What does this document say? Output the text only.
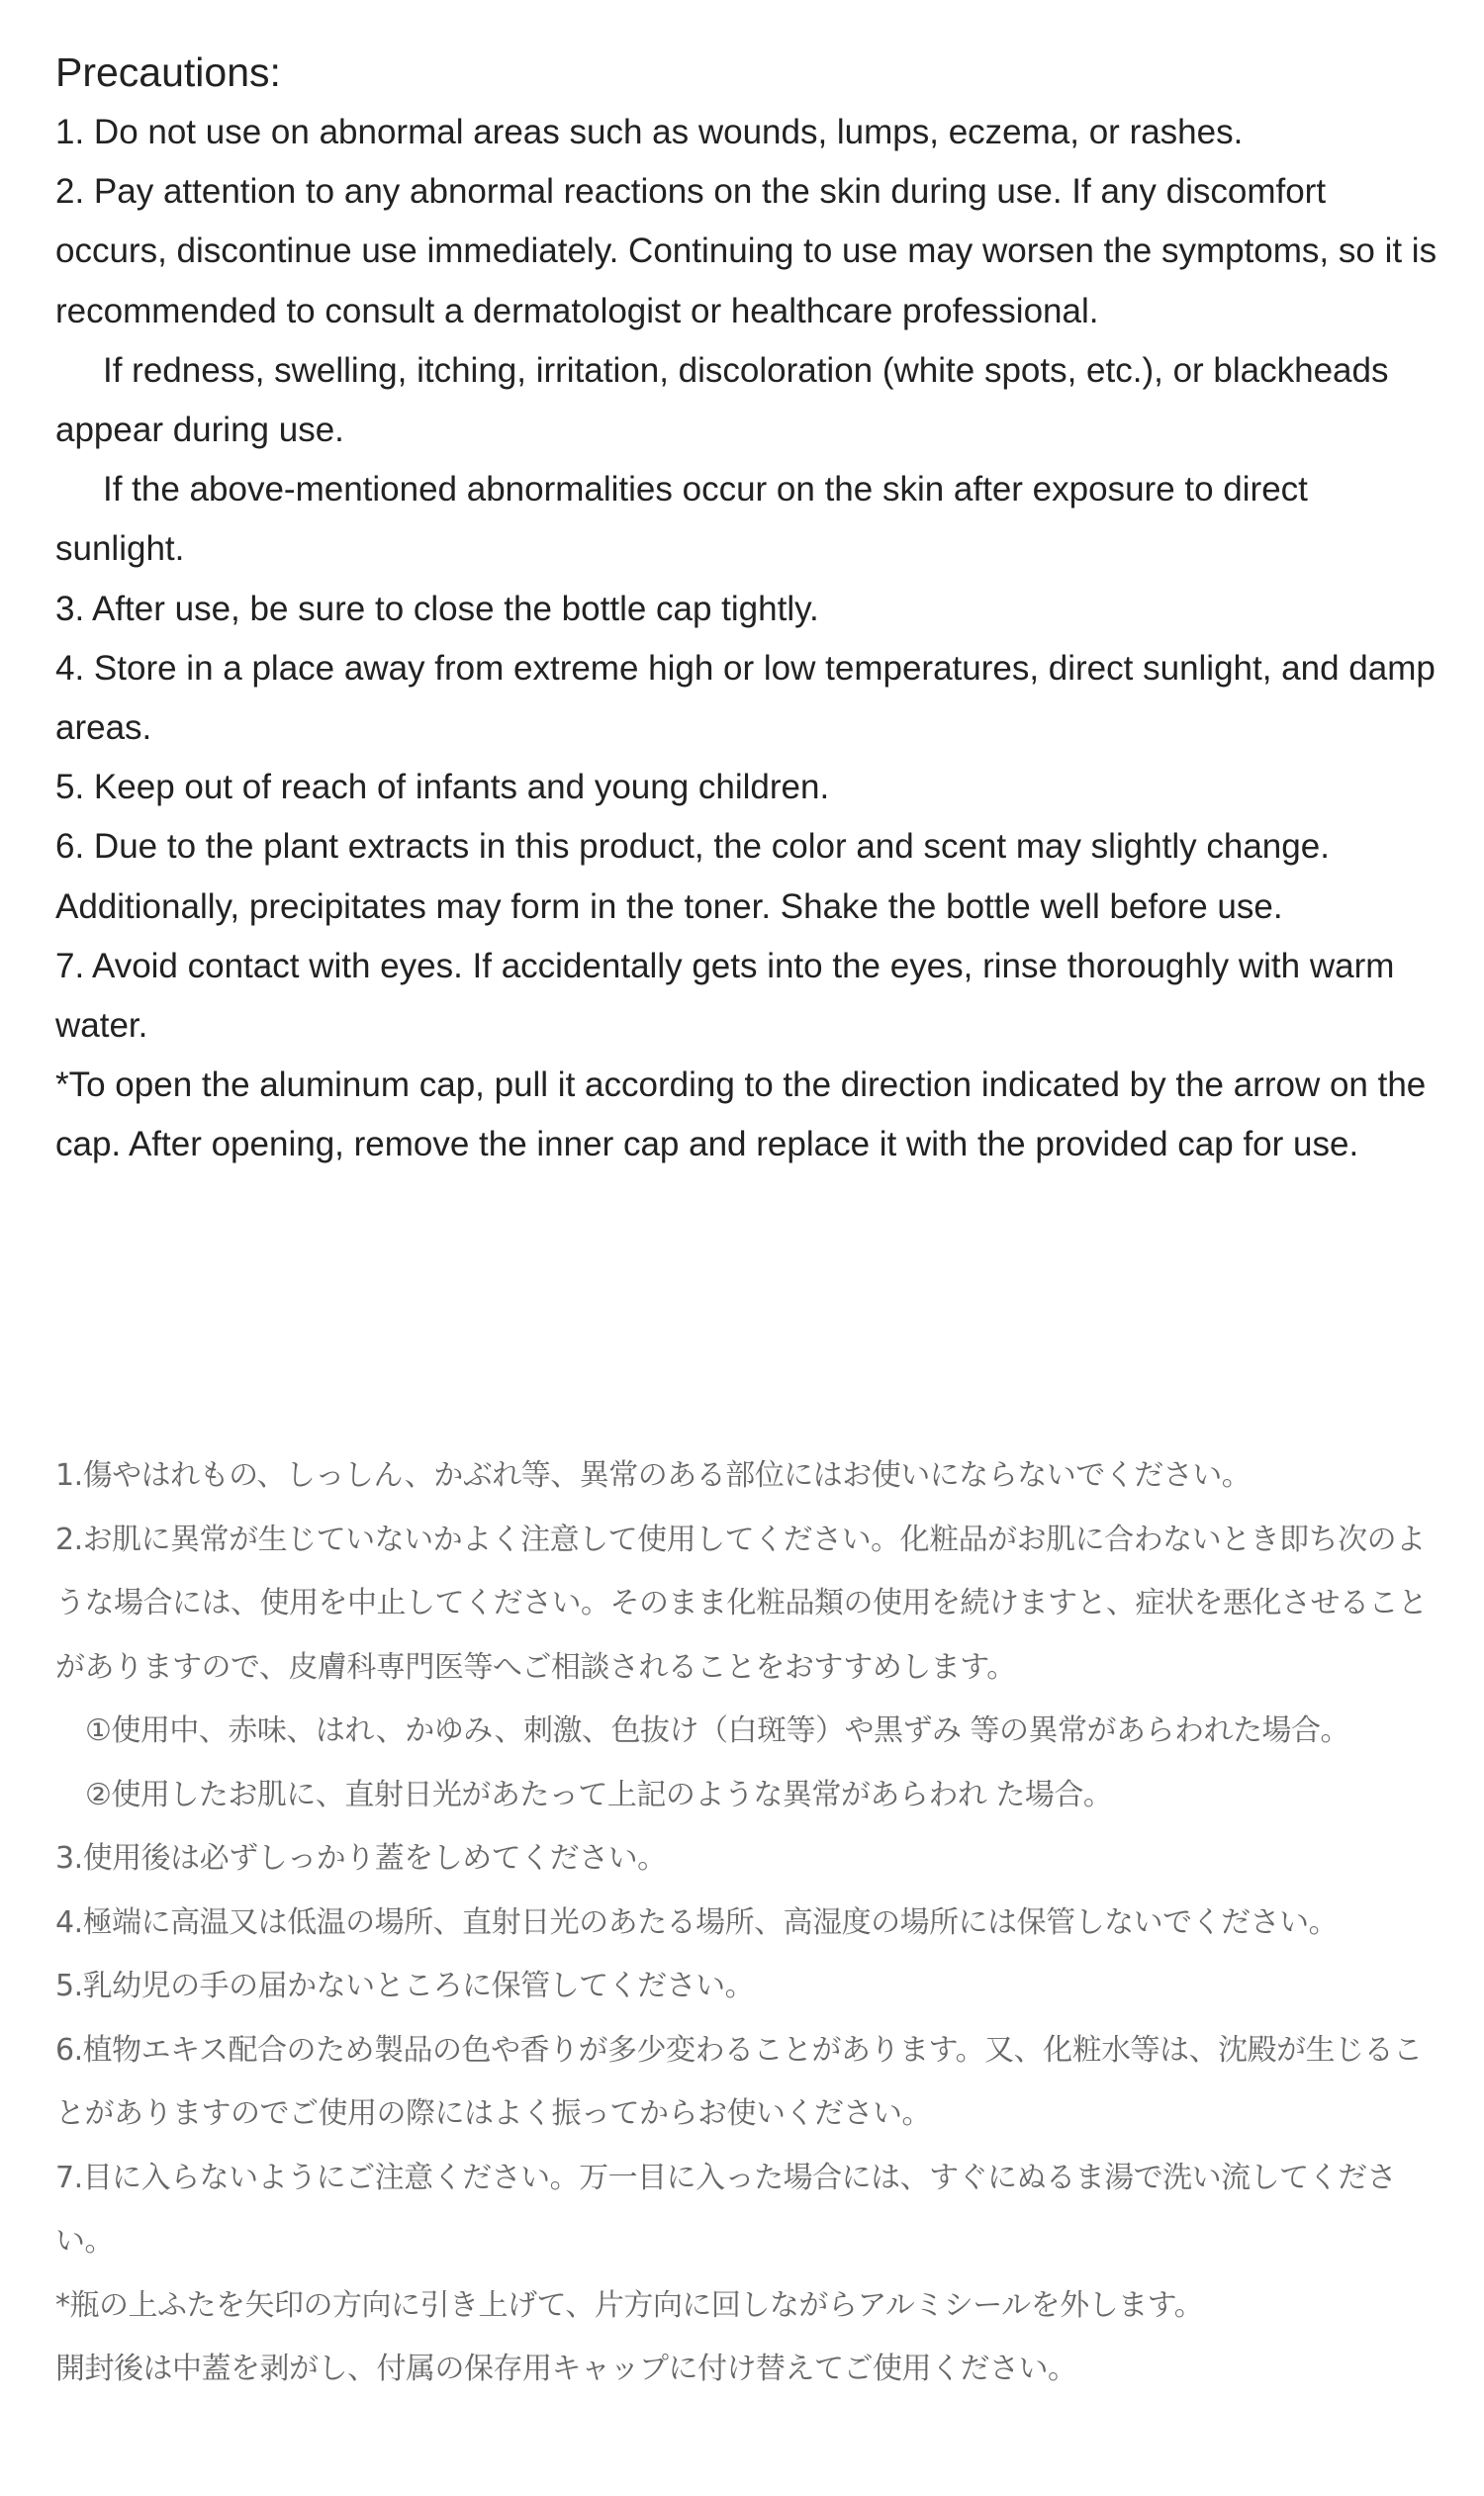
Precautions:
1. Do not use on abnormal areas such as wounds, lumps, eczema, or rashes.
2. Pay attention to any abnormal reactions on the skin during use. If any discomfort occurs, discontinue use immediately. Continuing to use may worsen the symptoms, so it is recommended to consult a dermatologist or healthcare professional.
If redness, swelling, itching, irritation, discoloration (white spots, etc.), or blackheads appear during use.
If the above-mentioned abnormalities occur on the skin after exposure to direct sunlight.
3. After use, be sure to close the bottle cap tightly.
4. Store in a place away from extreme high or low temperatures, direct sunlight, and damp areas.
5. Keep out of reach of infants and young children.
6. Due to the plant extracts in this product, the color and scent may slightly change. Additionally, precipitates may form in the toner. Shake the bottle well before use.
7. Avoid contact with eyes. If accidentally gets into the eyes, rinse thoroughly with warm water.
*To open the aluminum cap, pull it according to the direction indicated by the arrow on the cap. After opening, remove the inner cap and replace it with the provided cap for use.
1.傷やはれもの、しっしん、かぶれ等、異常のある部位にはお使いにならないでください。
2.お肌に異常が生じていないかよく注意して使用してください。化粧品がお肌に合わないとき即ち次のような場合には、使用を中止してください。そのまま化粧品類の使用を続けますと、症状を悪化させることがありますので、皮膚科専門医等へご相談されることをおすすめします。
①使用中、赤味、はれ、かゆみ、刺激、色抜け（白斑等）や黒ずみ 等の異常があらわれた場合。
②使用したお肌に、直射日光があたって上記のような異常があらわれ た場合。
3.使用後は必ずしっかり蓋をしめてください。
4.極端に高温又は低温の場所、直射日光のあたる場所、高湿度の場所には保管しないでください。
5.乳幼児の手の届かないところに保管してください。
6.植物エキス配合のため製品の色や香りが多少変わることがあります。又、化粧水等は、沈殿が生じることがありますのでご使用の際にはよく振ってからお使いください。
7.目に入らないようにご注意ください。万一目に入った場合には、すぐにぬるま湯で洗い流してください。
*瓶の上ふたを矢印の方向に引き上げて、片方向に回しながらアルミシールを外します。
開封後は中蓋を剥がし、付属の保存用キャップに付け替えてご使用ください。
